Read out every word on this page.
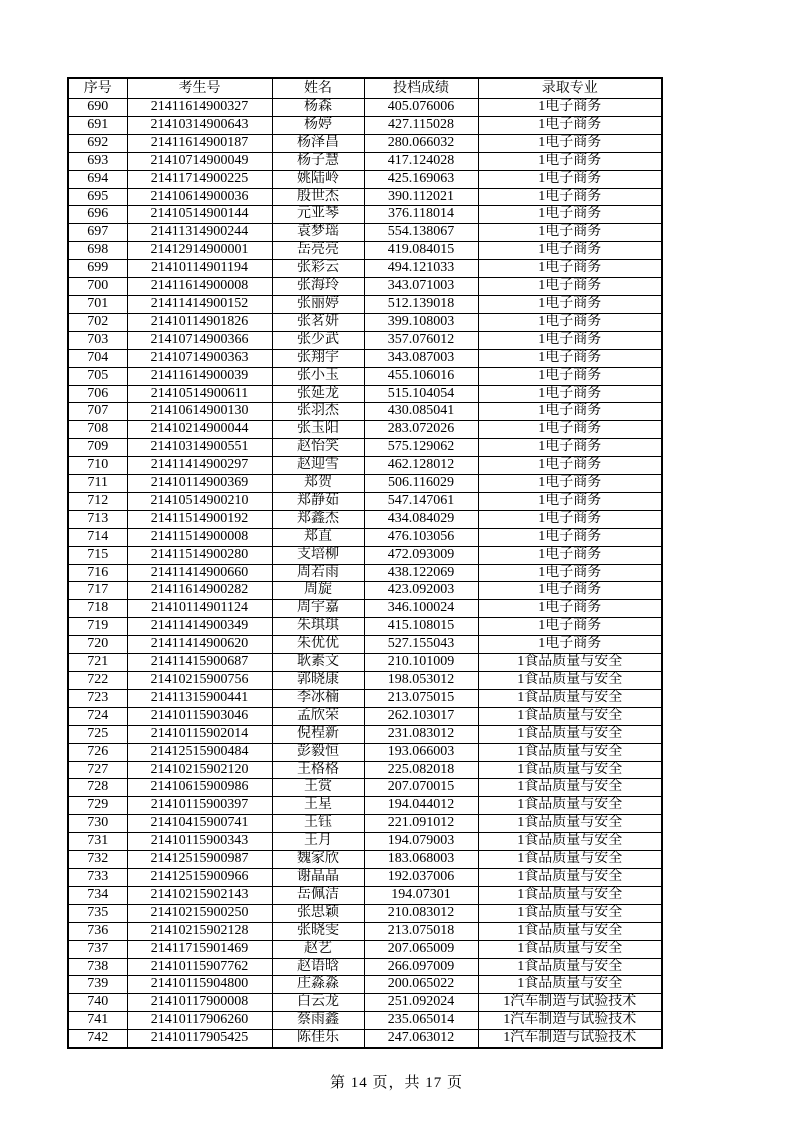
序号	考生号	姓名	投档成绩	录取专业
690	21411614900327	杨森	405.076006	1电子商务
691	21410314900643	杨婷	427.115028	1电子商务
692	21411614900187	杨泽昌	280.066032	1电子商务
693	21410714900049	杨子慧	417.124028	1电子商务
694	21411714900225	姚陆岭	425.169063	1电子商务
695	21410614900036	殷世杰	390.112021	1电子商务
696	21410514900144	元亚琴	376.118014	1电子商务
697	21411314900244	袁梦瑶	554.138067	1电子商务
698	21412914900001	岳亮亮	419.084015	1电子商务
699	21410114901194	张彩云	494.121033	1电子商务
700	21411614900008	张海玲	343.071003	1电子商务
701	21411414900152	张丽婷	512.139018	1电子商务
702	21410114901826	张茗妍	399.108003	1电子商务
703	21410714900366	张少武	357.076012	1电子商务
704	21410714900363	张翔宇	343.087003	1电子商务
705	21411614900039	张小玉	455.106016	1电子商务
706	21410514900611	张延龙	515.104054	1电子商务
707	21410614900130	张羽杰	430.085041	1电子商务
708	21410214900044	张玉阳	283.072026	1电子商务
709	21410314900551	赵怡笑	575.129062	1电子商务
710	21411414900297	赵迎雪	462.128012	1电子商务
711	21410114900369	郑贺	506.116029	1电子商务
712	21410514900210	郑静茹	547.147061	1电子商务
713	21411514900192	郑鑫杰	434.084029	1电子商务
714	21411514900008	郑直	476.103056	1电子商务
715	21411514900280	支培柳	472.093009	1电子商务
716	21411414900660	周若雨	438.122069	1电子商务
717	21411614900282	周旋	423.092003	1电子商务
718	21410114901124	周宇嘉	346.100024	1电子商务
719	21411414900349	朱琪琪	415.108015	1电子商务
720	21411414900620	朱优优	527.155043	1电子商务
721	21411415900687	耿素文	210.101009	1食品质量与安全
722	21410215900756	郭晓康	198.053012	1食品质量与安全
723	21411315900441	李冰楠	213.075015	1食品质量与安全
724	21410115903046	孟欣荣	262.103017	1食品质量与安全
725	21410115902014	倪程新	231.083012	1食品质量与安全
726	21412515900484	彭毅恒	193.066003	1食品质量与安全
727	21410215902120	王格格	225.082018	1食品质量与安全
728	21410615900986	王赏	207.070015	1食品质量与安全
729	21410115900397	王星	194.044012	1食品质量与安全
730	21410415900741	王钰	221.091012	1食品质量与安全
731	21410115900343	王月	194.079003	1食品质量与安全
732	21412515900987	魏家欣	183.068003	1食品质量与安全
733	21412515900966	谢晶晶	192.037006	1食品质量与安全
734	21410215902143	岳佩洁	194.07301	1食品质量与安全
735	21410215900250	张思颖	210.083012	1食品质量与安全
736	21410215902128	张晓雯	213.075018	1食品质量与安全
737	21411715901469	赵艺	207.065009	1食品质量与安全
738	21410115907762	赵语晗	266.097009	1食品质量与安全
739	21410115904800	庄淼淼	200.065022	1食品质量与安全
740	21410117900008	白云龙	251.092024	1汽车制造与试验技术
741	21410117906260	蔡雨鑫	235.065014	1汽车制造与试验技术
742	21410117905425	陈佳乐	247.063012	1汽车制造与试验技术
第 14 页，共 17 页
